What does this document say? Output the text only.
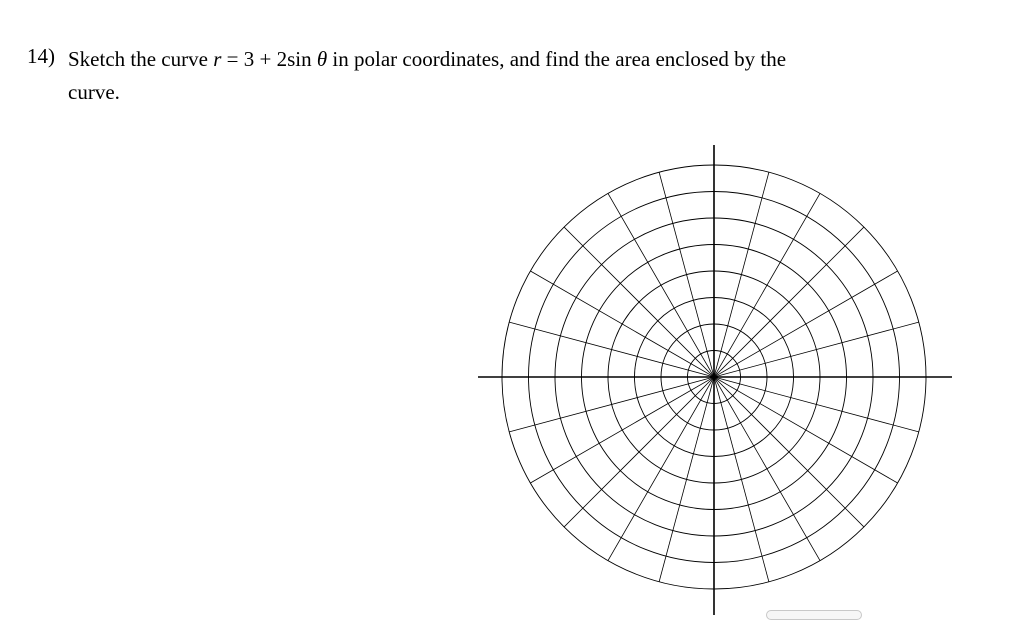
14) Sketch the curve r = 3 + 2sin θ in polar coordinates, and find the area enclosed by the curve.
